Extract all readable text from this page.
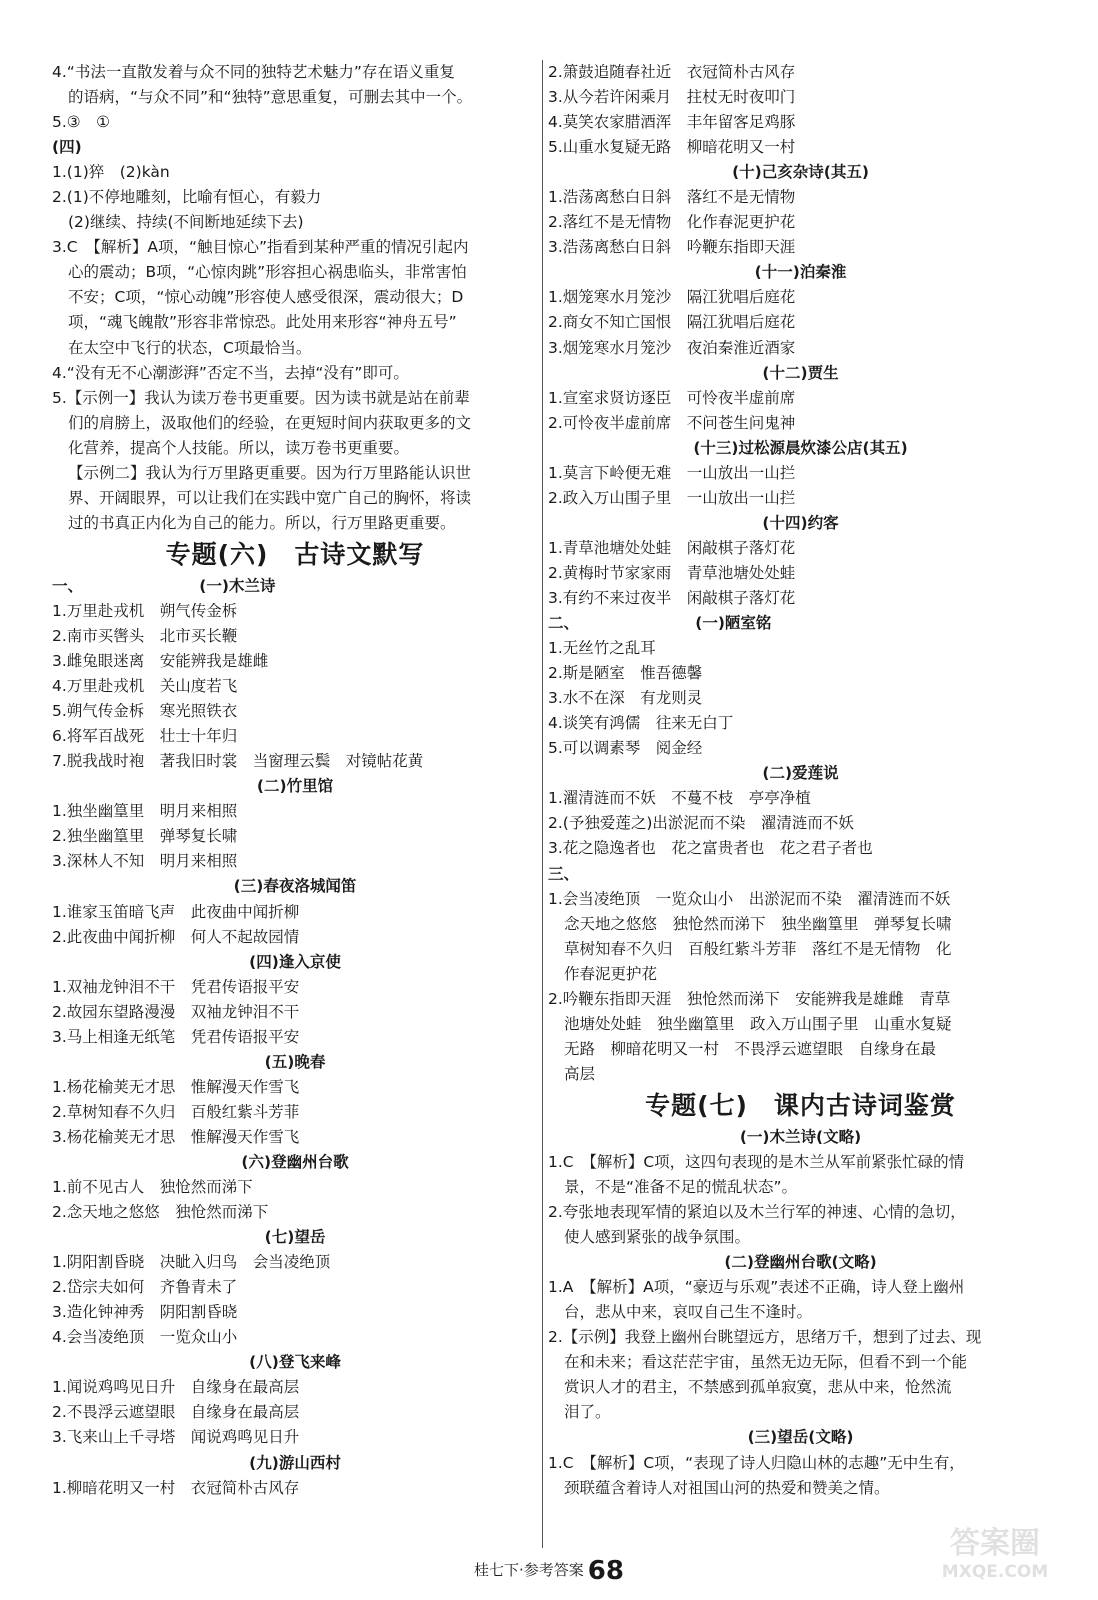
4.“书法一直散发着与众不同的独特艺术魅力”存在语义重复
的语病，“与众不同”和“独特”意思重复，可删去其中一个。
5.③　①
(四)
1.(1)猝　(2)kàn
2.(1)不停地雕刻，比喻有恒心，有毅力
(2)继续、持续(不间断地延续下去)
3.C　【解析】A项，“触目惊心”指看到某种严重的情况引起内
心的震动；B项，“心惊肉跳”形容担心祸患临头，非常害怕
不安；C项，“惊心动魄”形容使人感受很深，震动很大；D
项，“魂飞魄散”形容非常惊恐。此处用来形容“神舟五号”
在太空中飞行的状态，C项最恰当。
4.“没有无不心潮澎湃”否定不当，去掉“没有”即可。
5.【示例一】我认为读万卷书更重要。因为读书就是站在前辈
们的肩膀上，汲取他们的经验，在更短时间内获取更多的文
化营养，提高个人技能。所以，读万卷书更重要。
【示例二】我认为行万里路更重要。因为行万里路能认识世
界、开阔眼界，可以让我们在实践中宽广自己的胸怀，将读
过的书真正内化为自己的能力。所以，行万里路更重要。
专题(六)　古诗文默写
一、　　　　　　　　(一)木兰诗
1.万里赴戎机　朔气传金柝
2.南市买辔头　北市买长鞭
3.雌兔眼迷离　安能辨我是雄雌
4.万里赴戎机　关山度若飞
5.朔气传金柝　寒光照铁衣
6.将军百战死　壮士十年归
7.脱我战时袍　著我旧时裳　当窗理云鬓　对镜帖花黄
(二)竹里馆
1.独坐幽篁里　明月来相照
2.独坐幽篁里　弹琴复长啸
3.深林人不知　明月来相照
(三)春夜洛城闻笛
1.谁家玉笛暗飞声　此夜曲中闻折柳
2.此夜曲中闻折柳　何人不起故园情
(四)逢入京使
1.双袖龙钟泪不干　凭君传语报平安
2.故园东望路漫漫　双袖龙钟泪不干
3.马上相逢无纸笔　凭君传语报平安
(五)晚春
1.杨花榆荚无才思　惟解漫天作雪飞
2.草树知春不久归　百般红紫斗芳菲
3.杨花榆荚无才思　惟解漫天作雪飞
(六)登幽州台歌
1.前不见古人　独怆然而涕下
2.念天地之悠悠　独怆然而涕下
(七)望岳
1.阴阳割昏晓　决眦入归鸟　会当凌绝顶
2.岱宗夫如何　齐鲁青未了
3.造化钟神秀　阴阳割昏晓
4.会当凌绝顶　一览众山小
(八)登飞来峰
1.闻说鸡鸣见日升　自缘身在最高层
2.不畏浮云遮望眼　自缘身在最高层
3.飞来山上千寻塔　闻说鸡鸣见日升
(九)游山西村
1.柳暗花明又一村　衣冠简朴古风存
2.箫鼓追随春社近　衣冠简朴古风存
3.从今若许闲乘月　拄杖无时夜叩门
4.莫笑农家腊酒浑　丰年留客足鸡豚
5.山重水复疑无路　柳暗花明又一村
(十)己亥杂诗(其五)
1.浩荡离愁白日斜　落红不是无情物
2.落红不是无情物　化作春泥更护花
3.浩荡离愁白日斜　吟鞭东指即天涯
(十一)泊秦淮
1.烟笼寒水月笼沙　隔江犹唱后庭花
2.商女不知亡国恨　隔江犹唱后庭花
3.烟笼寒水月笼沙　夜泊秦淮近酒家
(十二)贾生
1.宣室求贤访逐臣　可怜夜半虚前席
2.可怜夜半虚前席　不问苍生问鬼神
(十三)过松源晨炊漆公店(其五)
1.莫言下岭便无难　一山放出一山拦
2.政入万山围子里　一山放出一山拦
(十四)约客
1.青草池塘处处蛙　闲敲棋子落灯花
2.黄梅时节家家雨　青草池塘处处蛙
3.有约不来过夜半　闲敲棋子落灯花
二、　　　　　　　　(一)陋室铭
1.无丝竹之乱耳
2.斯是陋室　惟吾德馨
3.水不在深　有龙则灵
4.谈笑有鸿儒　往来无白丁
5.可以调素琴　阅金经
(二)爱莲说
1.濯清涟而不妖　不蔓不枝　亭亭净植
2.(予独爱莲之)出淤泥而不染　濯清涟而不妖
3.花之隐逸者也　花之富贵者也　花之君子者也
三、
1.会当凌绝顶　一览众山小　出淤泥而不染　濯清涟而不妖
念天地之悠悠　独怆然而涕下　独坐幽篁里　弹琴复长啸
草树知春不久归　百般红紫斗芳菲　落红不是无情物　化
作春泥更护花
2.吟鞭东指即天涯　独怆然而涕下　安能辨我是雄雌　青草
池塘处处蛙　独坐幽篁里　政入万山围子里　山重水复疑
无路　柳暗花明又一村　不畏浮云遮望眼　自缘身在最
高层
专题(七)　课内古诗词鉴赏
(一)木兰诗(文略)
1.C　【解析】C项，这四句表现的是木兰从军前紧张忙碌的情
景，不是“准备不足的慌乱状态”。
2.夸张地表现军情的紧迫以及木兰行军的神速、心情的急切，
使人感到紧张的战争氛围。
(二)登幽州台歌(文略)
1.A　【解析】A项，“豪迈与乐观”表述不正确，诗人登上幽州
台，悲从中来，哀叹自己生不逢时。
2.【示例】我登上幽州台眺望远方，思绪万千，想到了过去、现
在和未来；看这茫茫宇宙，虽然无边无际，但看不到一个能
赏识人才的君主，不禁感到孤单寂寞，悲从中来，怆然流
泪了。
(三)望岳(文略)
1.C　【解析】C项，“表现了诗人归隐山林的志趣”无中生有，
颈联蕴含着诗人对祖国山河的热爱和赞美之情。
桂七下·参考答案 68
答案圈
MXQE.COM
